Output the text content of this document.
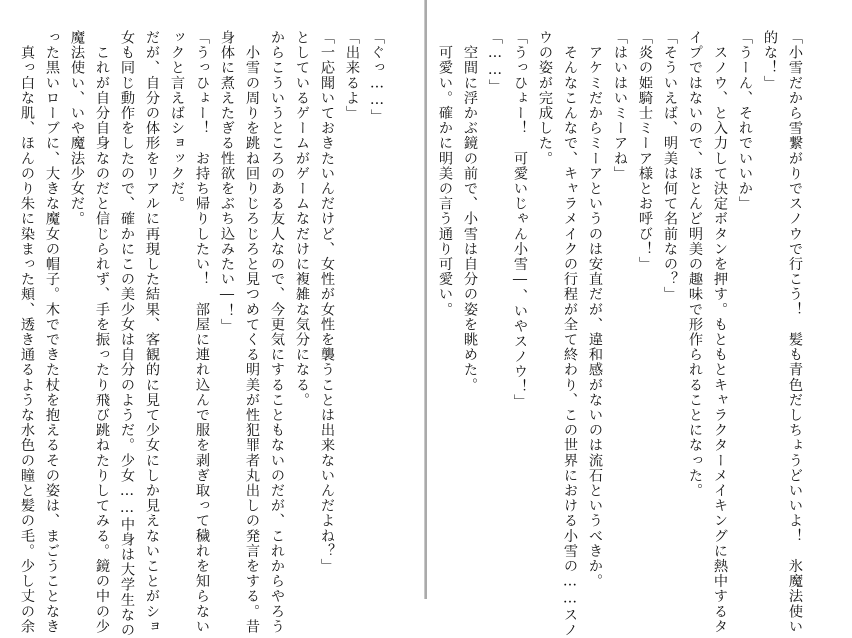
　真っ白な肌、ほんのり朱に染まった頬、透き通るような水色の瞳と髪の毛。少し丈の余 った黒いローブに、大きな魔女の帽子。木でできた杖を抱えるその姿は、まごうことなき 魔法使い、いや魔法少女だ。 　これが自分自身なのだと信じられず、手を振ったり飛び跳ねたりしてみる。鏡の中の少 女も同じ動作をしたので、確かにこの美少女は自分のようだ。少女……中身は大学生なの だが、自分の体形をリアルに再現した結果、客観的に見て少女にしか見えないことがショ ックと言えばショックだ。 「うっひょー！　お持ち帰りしたい！　部屋に連れ込んで服を剥ぎ取って穢れを知らない 身体に煮えたぎる性欲をぶち込みたい―！」 　小雪の周りを跳ね回りじろじろと見つめてくる明美が性犯罪者丸出しの発言をする。昔 からこういうところのある友人なので、今更気にすることもないのだが、これからやろう としているゲームがゲームなだけに複雑な気分になる。 「一応聞いておきたいんだけど、女性が女性を襲うことは出来ないんだよね？」 「出来るよ」 「ぐっ……」	「小雪だから雪繋がりでスノウで行こう！　髪も青色だしちょうどいいよ！　氷魔法使い
的な！」
「うーん、それでいいか」
　スノウ、と入力して決定ボタンを押す。もともとキャラクターメイキングに熱中するタ
イプではないので、ほとんど明美の趣味で形作られることになった。
「そういえば、明美は何て名前なの？」
「炎の姫騎士ミーア様とお呼び！」
「はいはいミーアね」
　アケミだからミーアというのは安直だが、違和感がないのは流石というべきか。
　そんなこんなで、キャラメイクの行程が全て終わり、この世界における小雪の……スノ
ウの姿が完成した。
「うっひょー！　可愛いじゃん小雪―、いやスノウ！」
「……」
　空間に浮かぶ鏡の前で、小雪は自分の姿を眺めた。
　可愛い。確かに明美の言う通り可愛い。
